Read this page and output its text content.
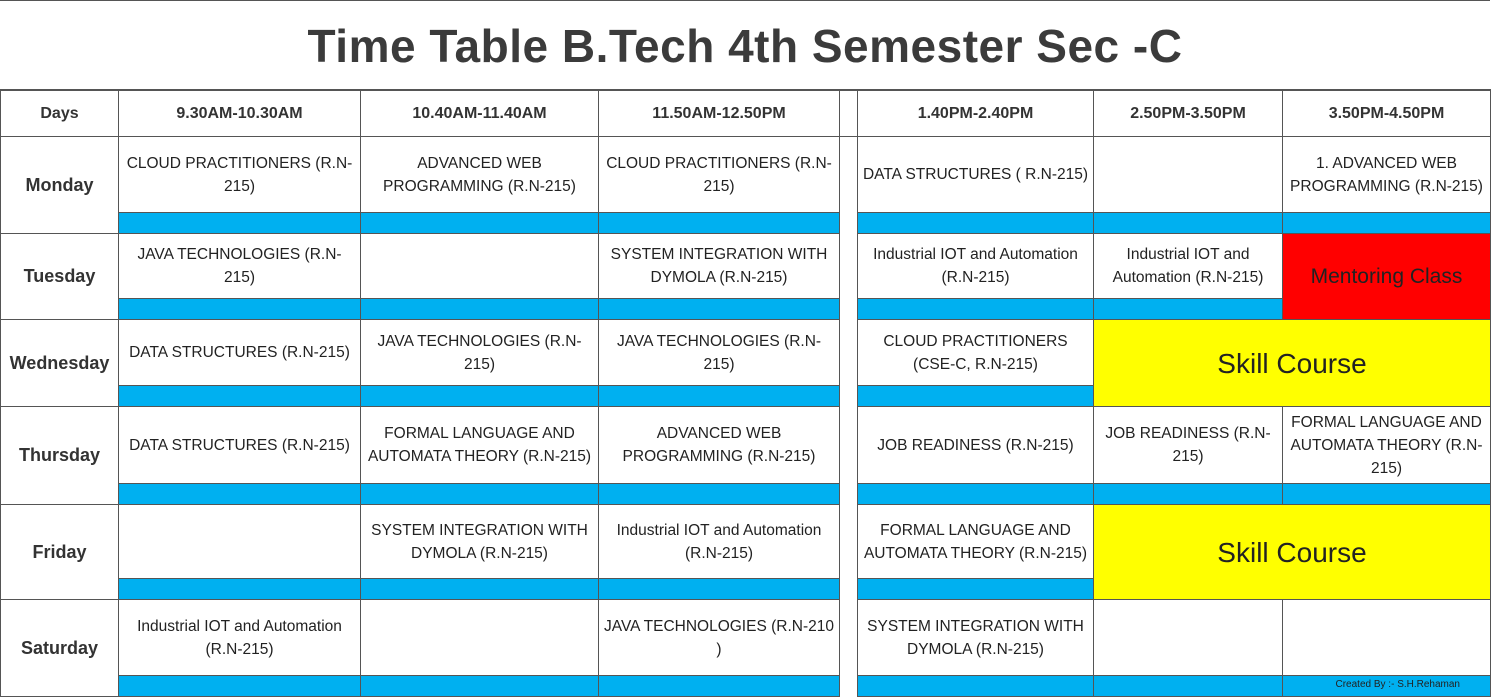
Time Table B.Tech 4th Semester Sec -C
Days	9.30AM-10.30AM	10.40AM-11.40AM	11.50AM-12.50PM		1.40PM-2.40PM	2.50PM-3.50PM	3.50PM-4.50PM
Monday	CLOUD PRACTITIONERS (R.N-215)	ADVANCED WEB PROGRAMMING (R.N-215)	CLOUD PRACTITIONERS (R.N-215)		DATA STRUCTURES ( R.N-215)		1. ADVANCED WEB PROGRAMMING (R.N-215)

Tuesday	JAVA TECHNOLOGIES (R.N-215)		SYSTEM INTEGRATION WITH DYMOLA (R.N-215)		Industrial IOT and Automation (R.N-215)	Industrial IOT and Automation (R.N-215)	Mentoring Class

Wednesday	DATA STRUCTURES (R.N-215)	JAVA TECHNOLOGIES (R.N-215)	JAVA TECHNOLOGIES (R.N-215)		CLOUD PRACTITIONERS (CSE-C, R.N-215)	Skill Course	

Thursday	DATA STRUCTURES (R.N-215)	FORMAL LANGUAGE AND AUTOMATA THEORY (R.N-215)	ADVANCED WEB PROGRAMMING (R.N-215)		JOB READINESS (R.N-215)	JOB READINESS (R.N-215)	FORMAL LANGUAGE AND AUTOMATA THEORY (R.N-215)

Friday		SYSTEM INTEGRATION WITH DYMOLA (R.N-215)	Industrial IOT and Automation (R.N-215)		FORMAL LANGUAGE AND AUTOMATA THEORY (R.N-215)	Skill Course	

Saturday	Industrial IOT and Automation (R.N-215)		JAVA TECHNOLOGIES (R.N-210 )		SYSTEM INTEGRATION WITH DYMOLA (R.N-215)		

							Created By :- S.H.Rehaman
